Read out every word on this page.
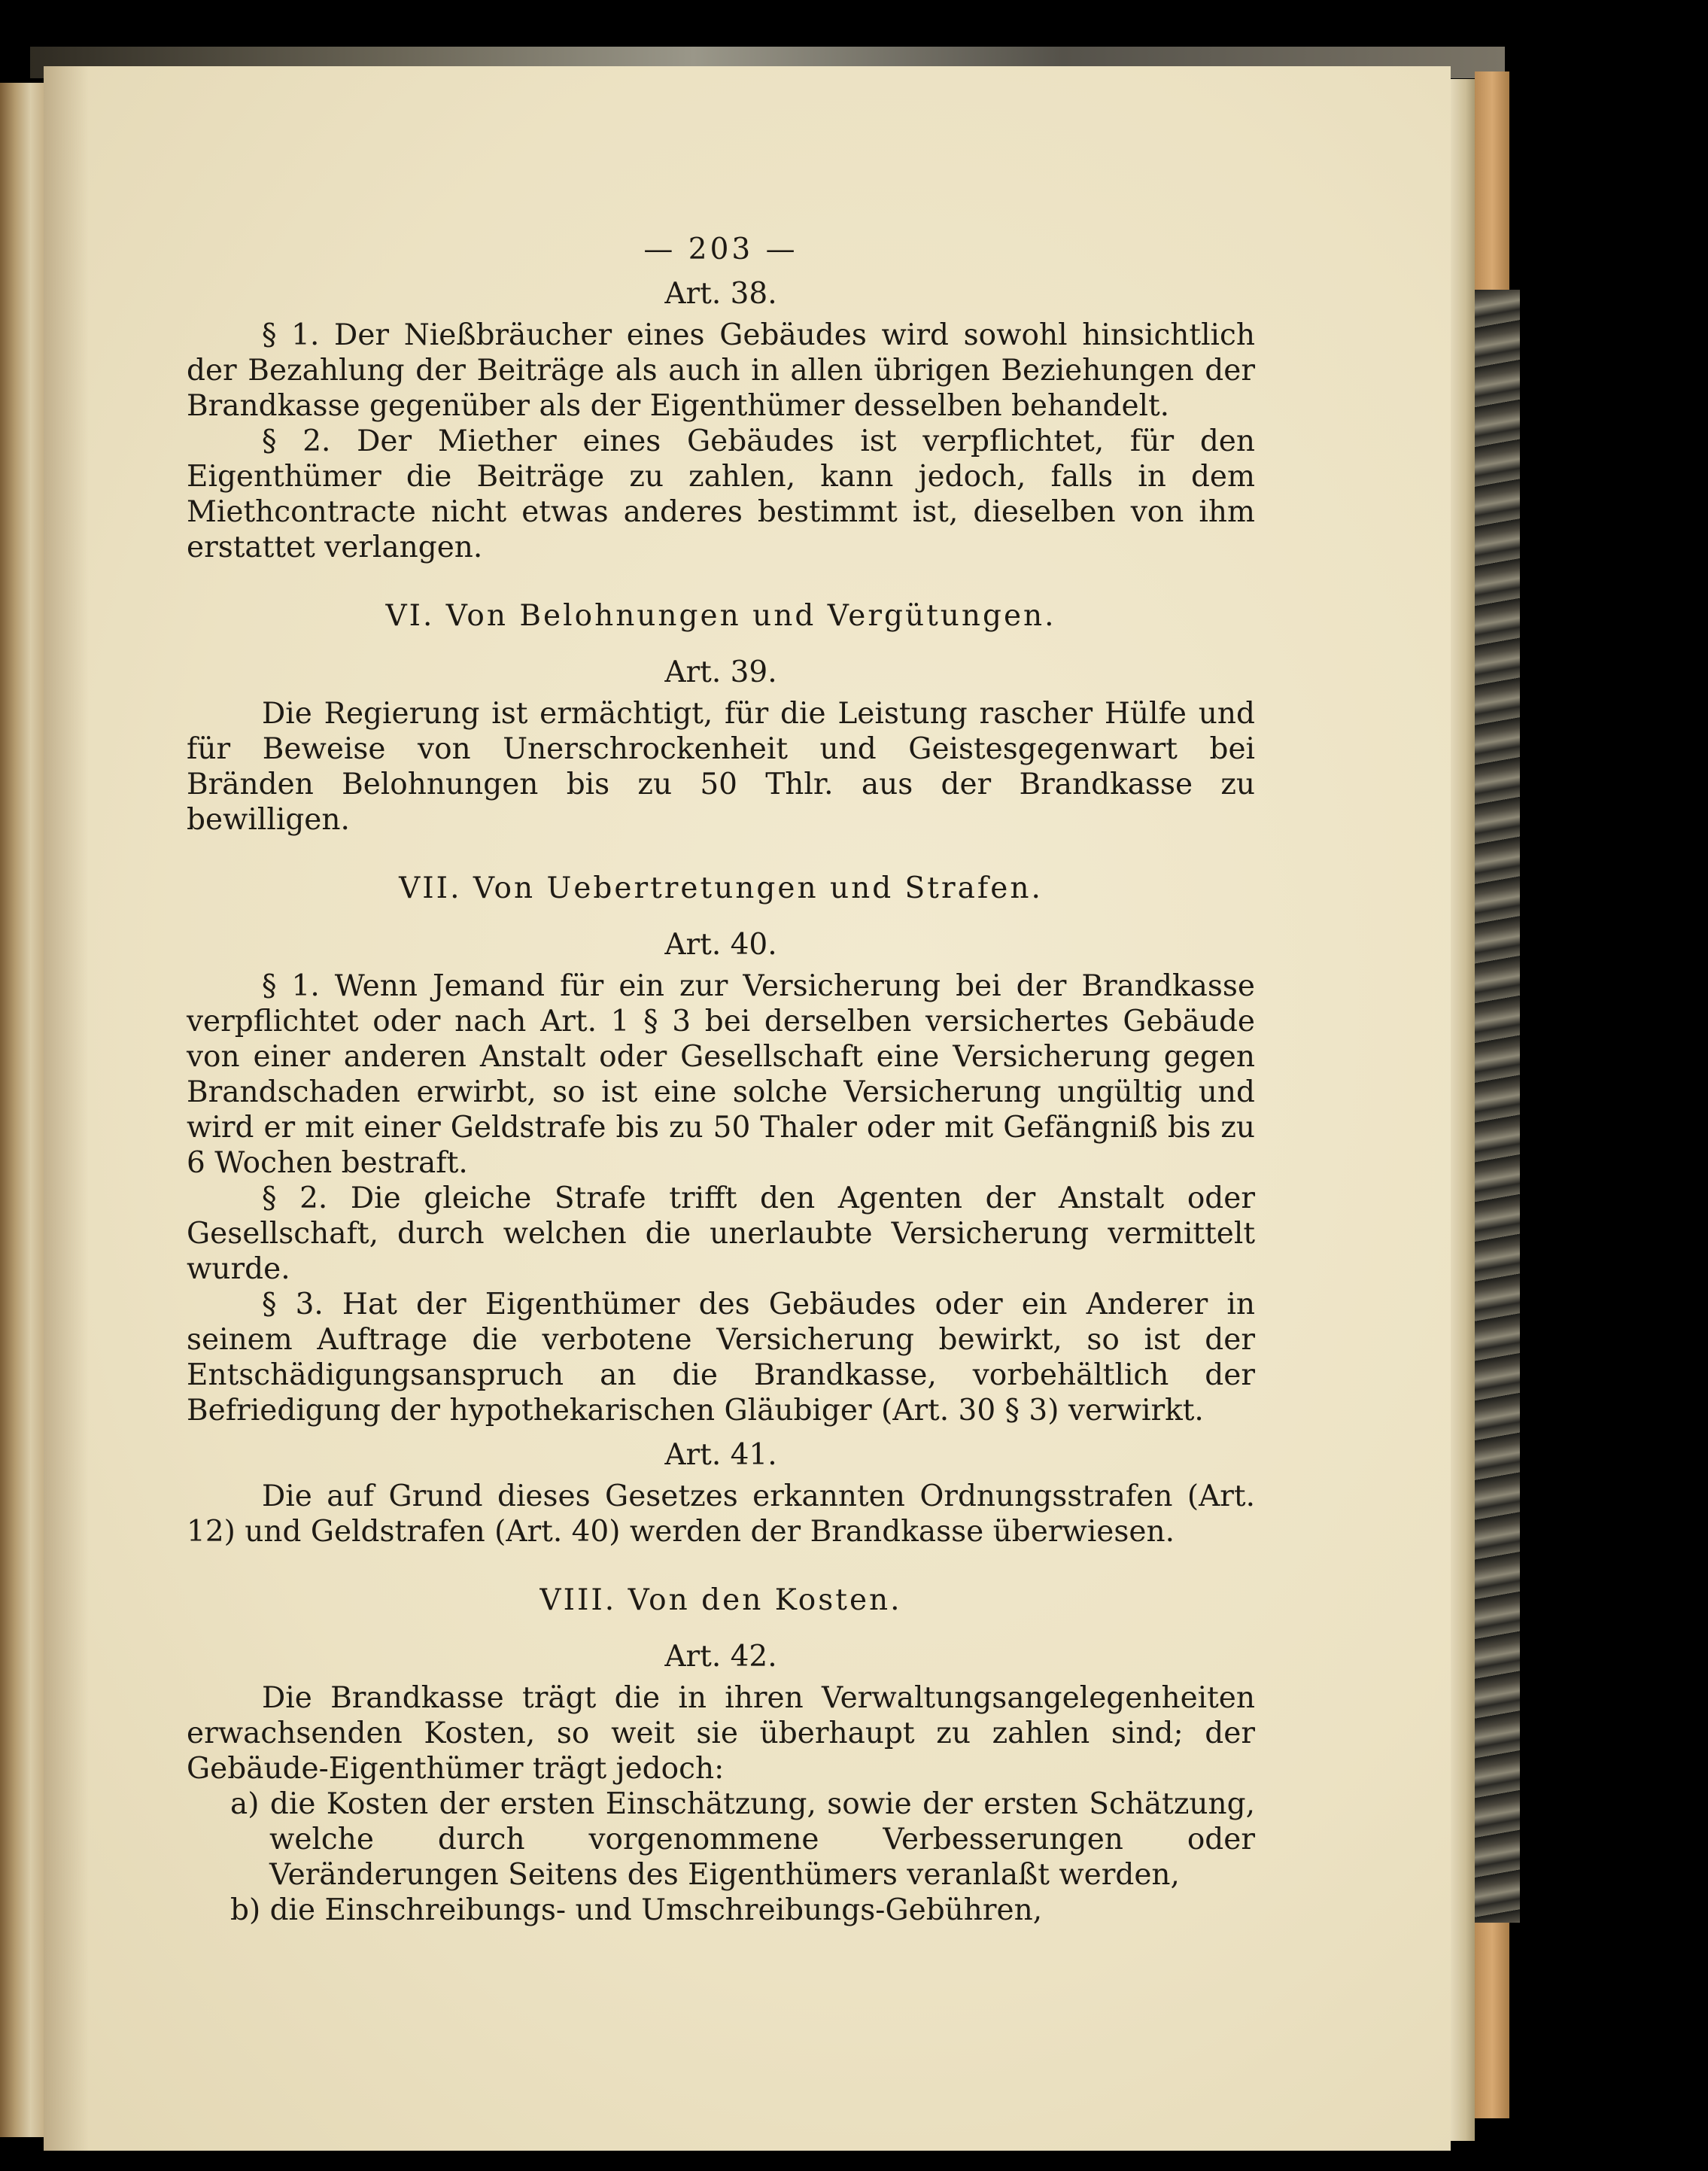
— 203 —
Art. 38.

§ 1. Der Nießbräucher eines Gebäudes wird sowohl hinsichtlich der Bezahlung der Beiträge als auch in allen übrigen Beziehungen der Brandkasse gegenüber als der Eigenthümer desselben behandelt.

§ 2. Der Miether eines Gebäudes ist verpflichtet, für den Eigenthümer die Beiträge zu zahlen, kann jedoch, falls in dem Miethcontracte nicht etwas anderes bestimmt ist, dieselben von ihm erstattet verlangen.

VI. Von Belohnungen und Vergütungen.
Art. 39.

Die Regierung ist ermächtigt, für die Leistung rascher Hülfe und für Beweise von Unerschrockenheit und Geistesgegenwart bei Bränden Belohnungen bis zu 50 Thlr. aus der Brandkasse zu bewilligen.

VII. Von Uebertretungen und Strafen.
Art. 40.

§ 1. Wenn Jemand für ein zur Versicherung bei der Brandkasse verpflichtet oder nach Art. 1 § 3 bei derselben versichertes Gebäude von einer anderen Anstalt oder Gesellschaft eine Versicherung gegen Brandschaden erwirbt, so ist eine solche Versicherung ungültig und wird er mit einer Geldstrafe bis zu 50 Thaler oder mit Gefängniß bis zu 6 Wochen bestraft.

§ 2. Die gleiche Strafe trifft den Agenten der Anstalt oder Gesellschaft, durch welchen die unerlaubte Versicherung vermittelt wurde.

§ 3. Hat der Eigenthümer des Gebäudes oder ein Anderer in seinem Auftrage die verbotene Versicherung bewirkt, so ist der Entschädigungsanspruch an die Brandkasse, vorbehältlich der Befriedigung der hypothekarischen Gläubiger (Art. 30 § 3) verwirkt.

Art. 41.

Die auf Grund dieses Gesetzes erkannten Ordnungsstrafen (Art. 12) und Geldstrafen (Art. 40) werden der Brandkasse überwiesen.

VIII. Von den Kosten.
Art. 42.

Die Brandkasse trägt die in ihren Verwaltungsangelegenheiten erwachsenden Kosten, so weit sie überhaupt zu zahlen sind; der Gebäude-Eigenthümer trägt jedoch:

a) die Kosten der ersten Einschätzung, sowie der ersten Schätzung, welche durch vorgenommene Verbesserungen oder Veränderungen Seitens des Eigenthümers veranlaßt werden,

b) die Einschreibungs- und Umschreibungs-Gebühren,
